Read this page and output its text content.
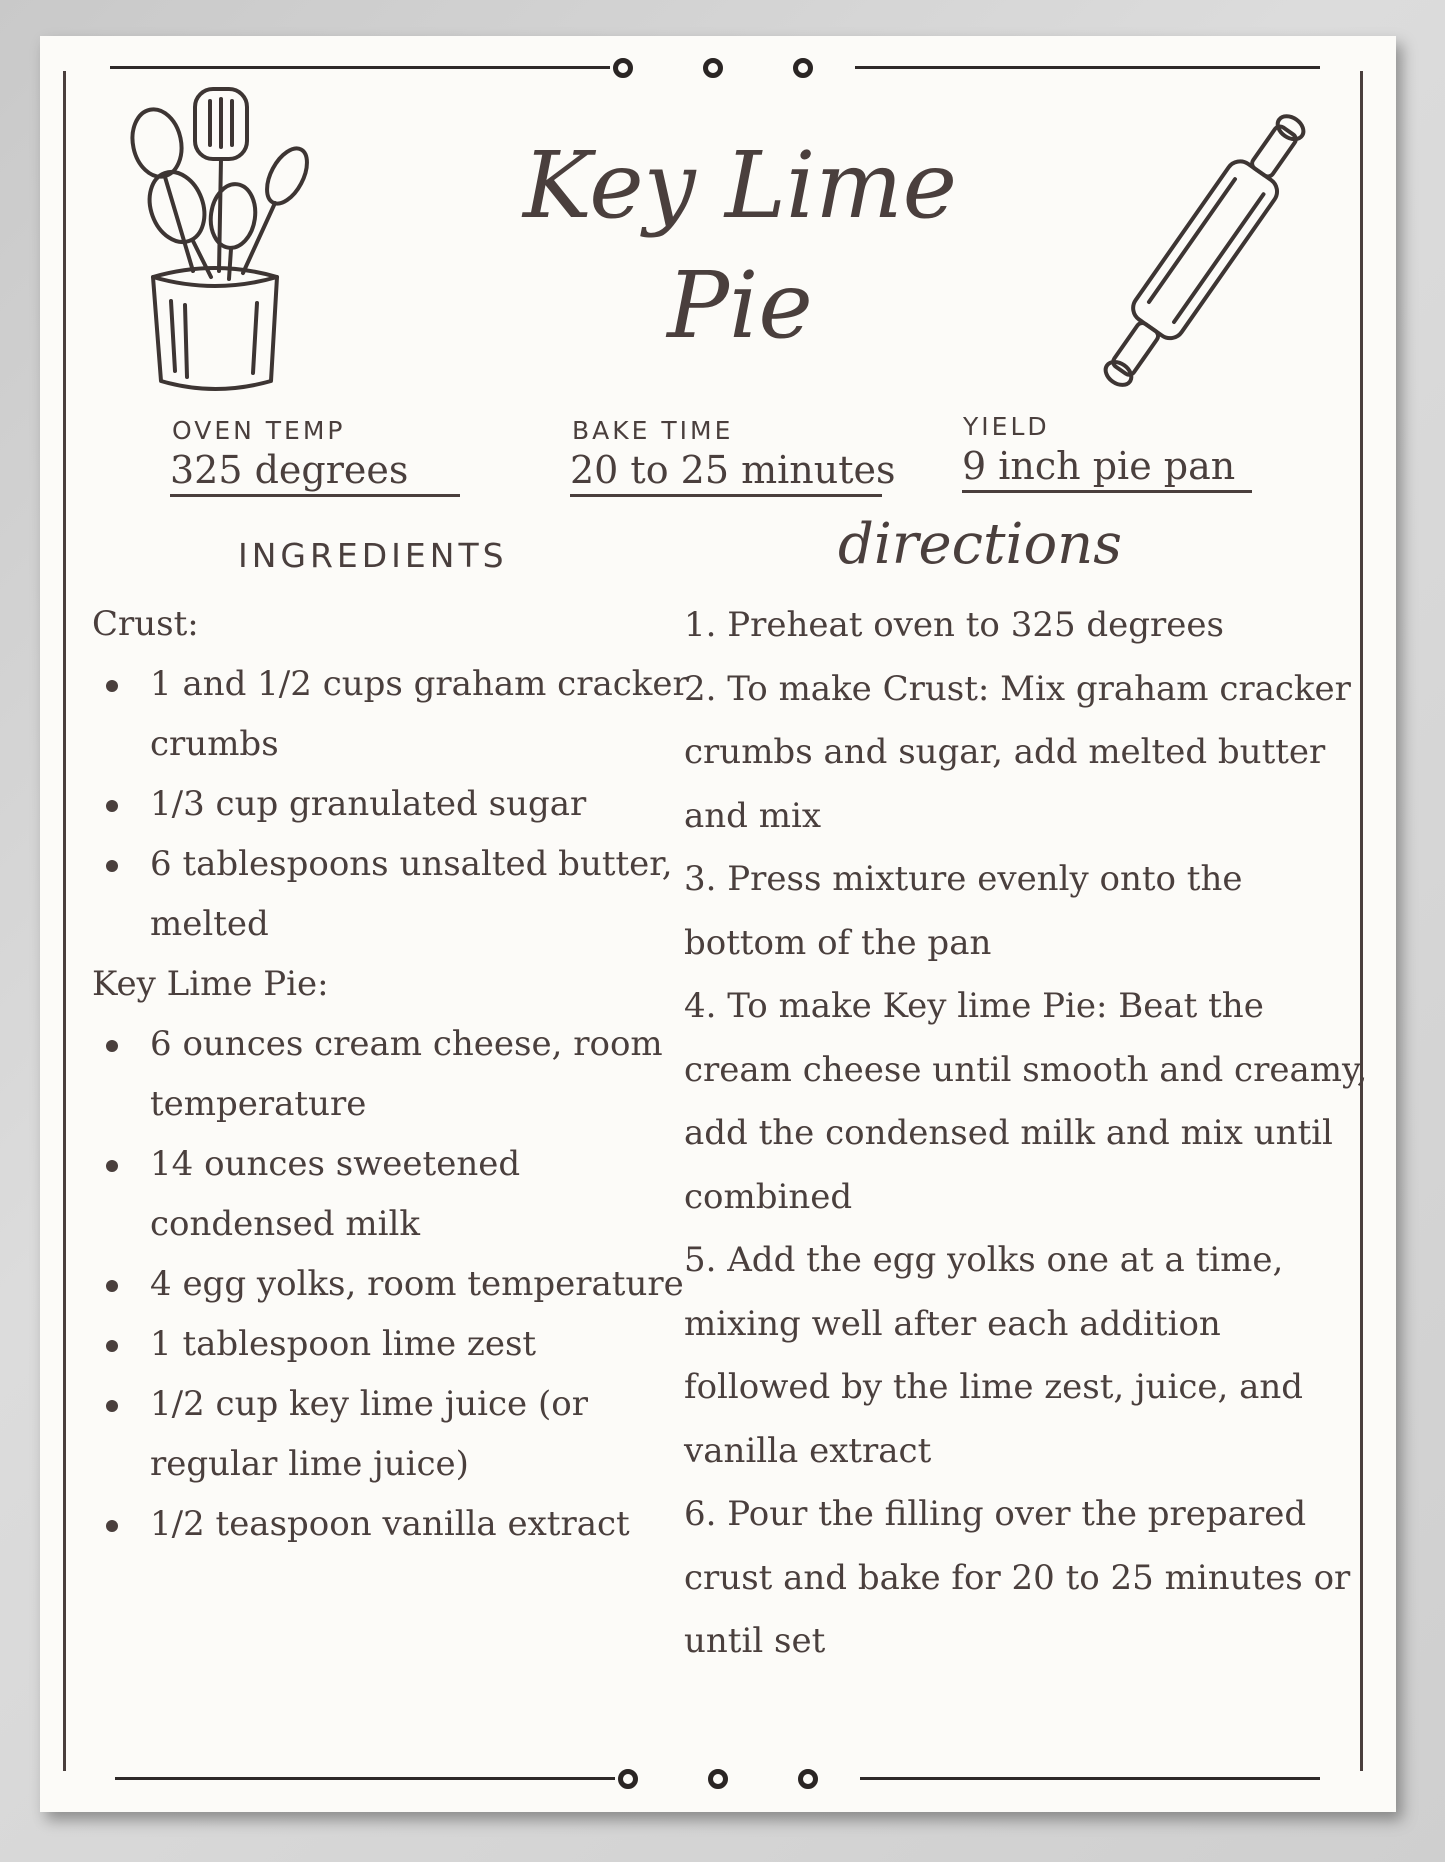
Key Lime
Pie
OVEN TEMP
325 degrees
BAKE TIME
20 to 25 minutes
YIELD
9 inch pie pan
INGREDIENTS	directions

Crust:

1 and 1/2 cups graham cracker crumbs
1/3 cup granulated sugar
6 tablespoons unsalted butter, melted

Key Lime Pie:

6 ounces cream cheese, room temperature
14 ounces sweetened condensed milk
4 egg yolks, room temperature
1 tablespoon lime zest
1/2 cup key lime juice (or regular lime juice)
1/2 teaspoon vanilla extract

1. Preheat oven to 325 degrees

2. To make Crust: Mix graham cracker crumbs and sugar, add melted butter and mix

3. Press mixture evenly onto the bottom of the pan

4. To make Key lime Pie: Beat the cream cheese until smooth and creamy, add the condensed milk and mix until combined

5. Add the egg yolks one at a time, mixing well after each addition followed by the lime zest, juice, and vanilla extract

6. Pour the filling over the prepared crust and bake for 20 to 25 minutes or until set
